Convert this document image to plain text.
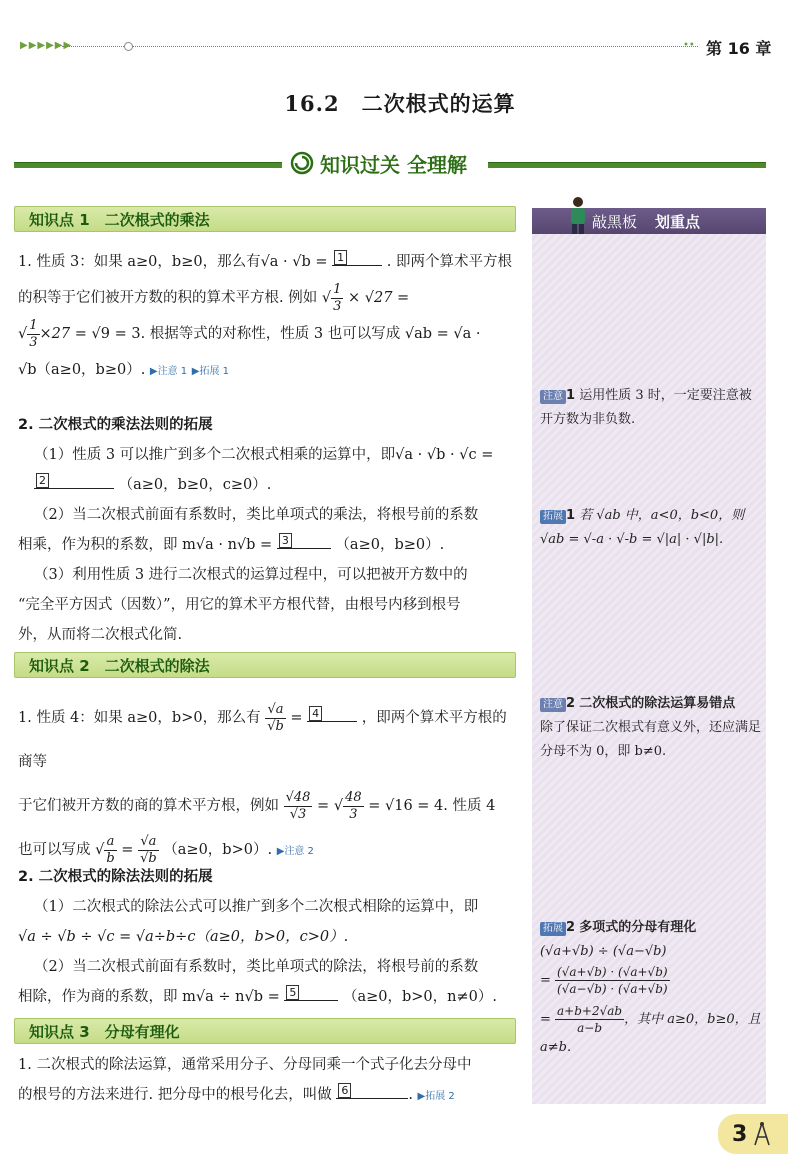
▶▶▶▶▶▶	•• 第 16 章
16.2　二次根式的运算
知识过关 全理解
知识点 1　二次根式的乘法
1. 性质 3：如果 a≥0，b≥0，那么有√a · √b = 1	. 即两个算术平方根
的积等于它们被开方数的积的算术平方根. 例如 √ $\frac{1}{3} \times √27$ =
√ $\frac{1}{3} \times 27 = √9 = 3$. 根据等式的对称性，性质 3 也可以写成 √ab = √a ·
√b（a≥0，b≥0）. ▶注意 1 ▶拓展 1
2. 二次根式的乘法法则的拓展
（1）性质 3 可以推广到多个二次根式相乘的运算中，即√a · √b · √c =
2	（a≥0，b≥0，c≥0）.
（2）当二次根式前面有系数时，类比单项式的乘法，将根号前的系数
相乘，作为积的系数，即 m√a · n√b = 3	（a≥0，b≥0）.
（3）利用性质 3 进行二次根式的运算过程中，可以把被开方数中的
“完全平方因式（因数）”，用它的算术平方根代替，由根号内移到根号
外，从而将二次根式化简.
知识点 2　二次根式的除法
1. 性质 4：如果 a≥0，b>0，那么有 $\frac{√a}{√b} = 4$	，即两个算术平方根的商等
于它们被开方数的商的算术平方根，例如 $\frac{√48}{√3}$ = √ $\frac{48}{3} = √16 = 4$. 性质 4
也可以写成 √ $\frac{a}{b} = \frac{√a}{√b} (a\ge 0$，b>0）. ▶注意 2
2. 二次根式的除法法则的拓展
（1）二次根式的除法公式可以推广到多个二次根式相除的运算中，即
√a ÷ √b ÷ √c = √a÷b÷c（a≥0，b>0，c>0）.
（2）当二次根式前面有系数时，类比单项式的除法，将根号前的系数
相除，作为商的系数，即 m√a ÷ n√b = 5	（a≥0，b>0，n≠0）.
知识点 3　分母有理化
1. 二次根式的除法运算，通常采用分子、分母同乘一个式子化去分母中
的根号的方法来进行. 把分母中的根号化去，叫做 6	. ▶拓展 2
敲黑板 划重点
注意 1 运用性质 3 时，一定要注意被开方数为非负数.
拓展 1 若 √ab 中，a<0，b<0，则
√ab = √-a · √-b = √|a| · √|b|.
注意 2 二次根式的除法运算易错点
除了保证二次根式有意义外，还应满足分母不为 0，即 b≠0.
拓展 2 多项式的分母有理化
(√a+√b) ÷ (√a−√b)
= $\frac{(√a+√b) \cdot (√a+√b)}{(√a-√b) \cdot (√a+√b)}$
= $\frac{a+b+2√ab}{a-b}$ ，其中 a≥0，b≥0，且
a≠b.
3
